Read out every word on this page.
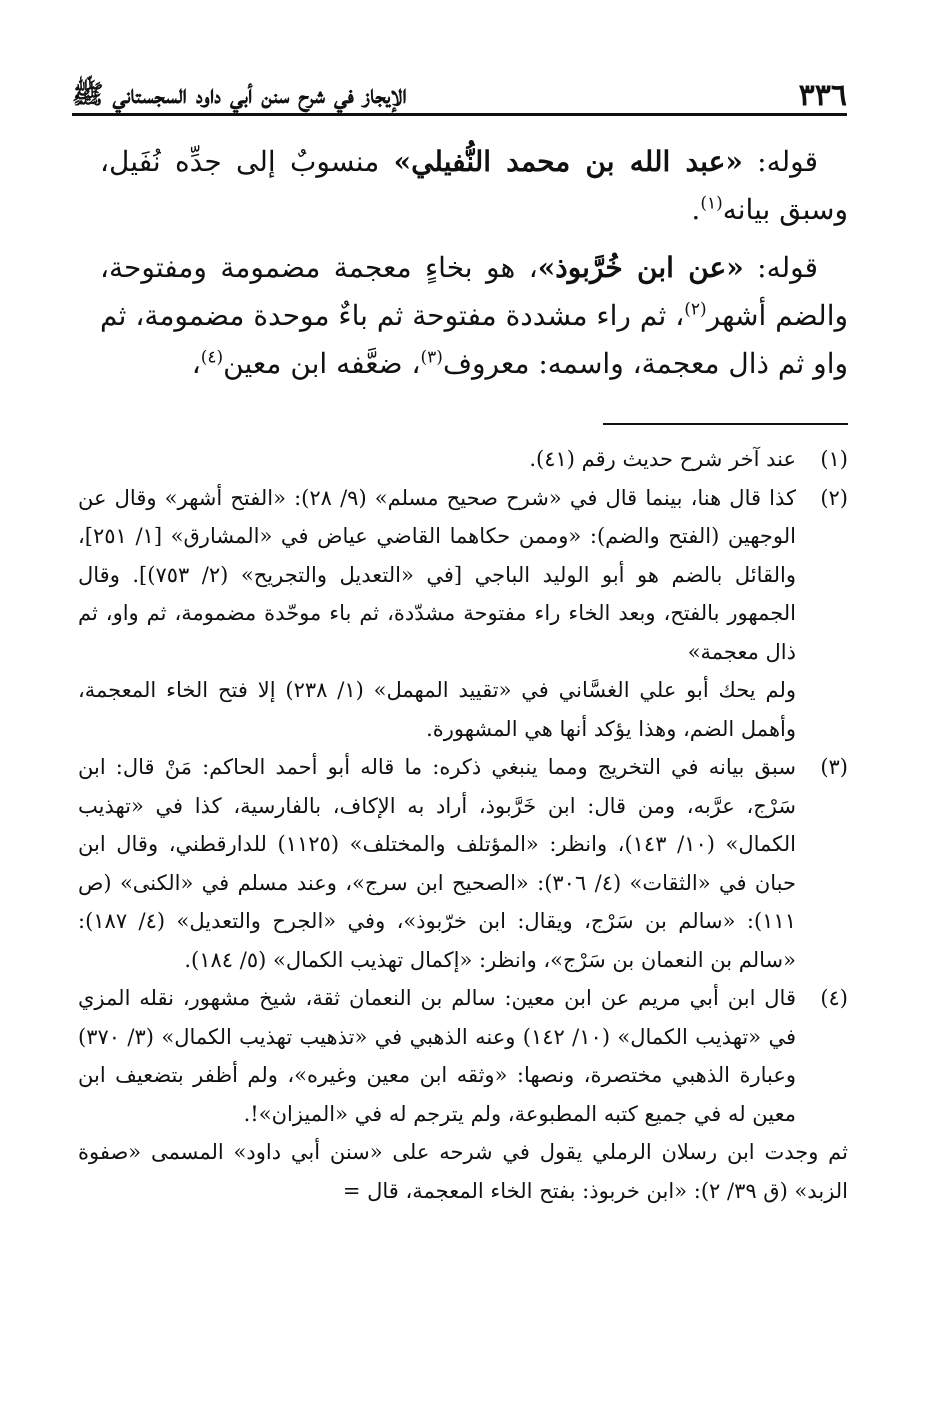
٣٣٦
الإيجاز في شرح سنن أبي داود السجستاني ﷺ

قوله: «عبد الله بن محمد النُّفيلي» منسوبٌ إلى جدِّه نُفَيل، وسبق بيانه$^{(١)}$.

قوله: «عن ابن خُرَّبوذ»، هو بخاءٍ معجمة مضمومة ومفتوحة، والضم أشهر$^{(٢)}$، ثم راء مشددة مفتوحة ثم باءٌ موحدة مضمومة، ثم واو ثم ذال معجمة، واسمه: معروف$^{(٣)}$، ضعَّفه ابن معين$^{(٤)}$،

(١)

عند آخر شرح حديث رقم (٤١).

(٢)

كذا قال هنا، بينما قال في «شرح صحيح مسلم» (٩/ ٢٨): «الفتح أشهر» وقال عن الوجهين (الفتح والضم): «وممن حكاهما القاضي عياض في «المشارق» [١/ ٢٥١]، والقائل بالضم هو أبو الوليد الباجي [في «التعديل والتجريح» (٢/ ٧٥٣)]. وقال الجمهور بالفتح، وبعد الخاء راء مفتوحة مشدّدة، ثم باء موحّدة مضمومة، ثم واو، ثم ذال معجمة»

ولم يحك أبو علي الغسَّاني في «تقييد المهمل» (١/ ٢٣٨) إلا فتح الخاء المعجمة، وأهمل الضم، وهذا يؤكد أنها هي المشهورة.

(٣)

سبق بيانه في التخريج ومما ينبغي ذكره: ما قاله أبو أحمد الحاكم: مَنْ قال: ابن سَرْج، عرَّبه، ومن قال: ابن خَرَّبوذ، أراد به الإكاف، بالفارسية، كذا في «تهذيب الكمال» (١٠/ ١٤٣)، وانظر: «المؤتلف والمختلف» (١١٢٥) للدارقطني، وقال ابن حبان في «الثقات» (٤/ ٣٠٦): «الصحيح ابن سرج»، وعند مسلم في «الكنى» (ص ١١١): «سالم بن سَرْج، ويقال: ابن خرّبوذ»، وفي «الجرح والتعديل» (٤/ ١٨٧): «سالم بن النعمان بن سَرْج»، وانظر: «إكمال تهذيب الكمال» (٥/ ١٨٤).

(٤)

قال ابن أبي مريم عن ابن معين: سالم بن النعمان ثقة، شيخ مشهور، نقله المزي في «تهذيب الكمال» (١٠/ ١٤٢) وعنه الذهبي في «تذهيب تهذيب الكمال» (٣/ ٣٧٠) وعبارة الذهبي مختصرة، ونصها: «وثقه ابن معين وغيره»، ولم أظفر بتضعيف ابن معين له في جميع كتبه المطبوعة، ولم يترجم له في «الميزان»!.

ثم وجدت ابن رسلان الرملي يقول في شرحه على «سنن أبي داود» المسمى «صفوة الزبد» (ق ٣٩/ ٢): «ابن خربوذ: بفتح الخاء المعجمة، قال =
